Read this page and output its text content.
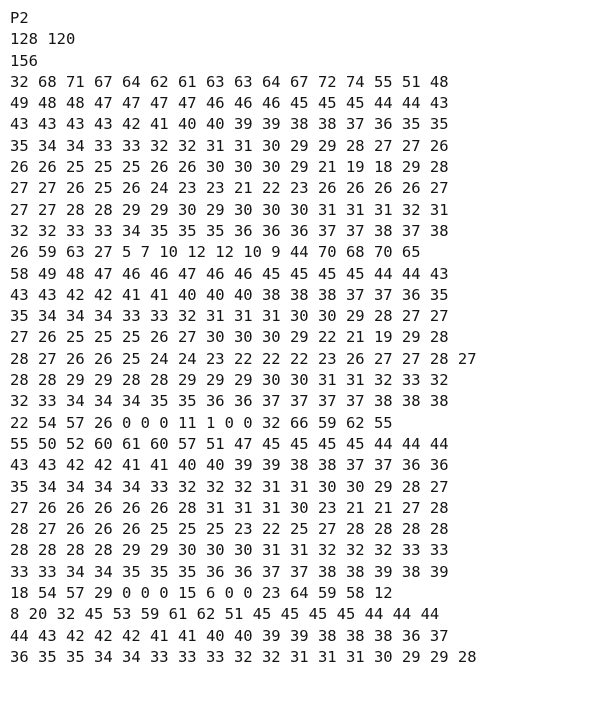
P2
128 120
156
32 68 71 67 64 62 61 63 63 64 67 72 74 55 51 48
49 48 48 47 47 47 47 46 46 46 45 45 45 44 44 43
43 43 43 43 42 41 40 40 39 39 38 38 37 36 35 35
35 34 34 33 33 32 32 31 31 30 29 29 28 27 27 26
26 26 25 25 25 26 26 30 30 30 29 21 19 18 29 28
27 27 26 25 26 24 23 23 21 22 23 26 26 26 26 27
27 27 28 28 29 29 30 29 30 30 30 31 31 31 32 31
32 32 33 33 34 35 35 35 36 36 36 37 37 38 37 38
26 59 63 27 5 7 10 12 12 10 9 44 70 68 70 65
58 49 48 47 46 46 47 46 46 45 45 45 45 44 44 43
43 43 42 42 41 41 40 40 40 38 38 38 37 37 36 35
35 34 34 34 33 33 32 31 31 31 30 30 29 28 27 27
27 26 25 25 25 26 27 30 30 30 29 22 21 19 29 28
28 27 26 26 25 24 24 23 22 22 22 23 26 27 27 28 27
28 28 29 29 28 28 29 29 29 30 30 31 31 32 33 32
32 33 34 34 34 35 35 36 36 37 37 37 37 38 38 38
22 54 57 26 0 0 0 11 1 0 0 32 66 59 62 55
55 50 52 60 61 60 57 51 47 45 45 45 45 44 44 44
43 43 42 42 41 41 40 40 39 39 38 38 37 37 36 36
35 34 34 34 34 33 32 32 32 31 31 30 30 29 28 27
27 26 26 26 26 26 28 31 31 31 30 23 21 21 27 28
28 27 26 26 26 25 25 25 23 22 25 27 28 28 28 28
28 28 28 28 29 29 30 30 30 31 31 32 32 32 33 33
33 33 34 34 35 35 35 36 36 37 37 38 38 39 38 39
18 54 57 29 0 0 0 15 6 0 0 23 64 59 58 12
8 20 32 45 53 59 61 62 51 45 45 45 45 44 44 44
44 43 42 42 42 41 41 40 40 39 39 38 38 38 36 37
36 35 35 34 34 33 33 33 32 32 31 31 31 30 29 29 28
